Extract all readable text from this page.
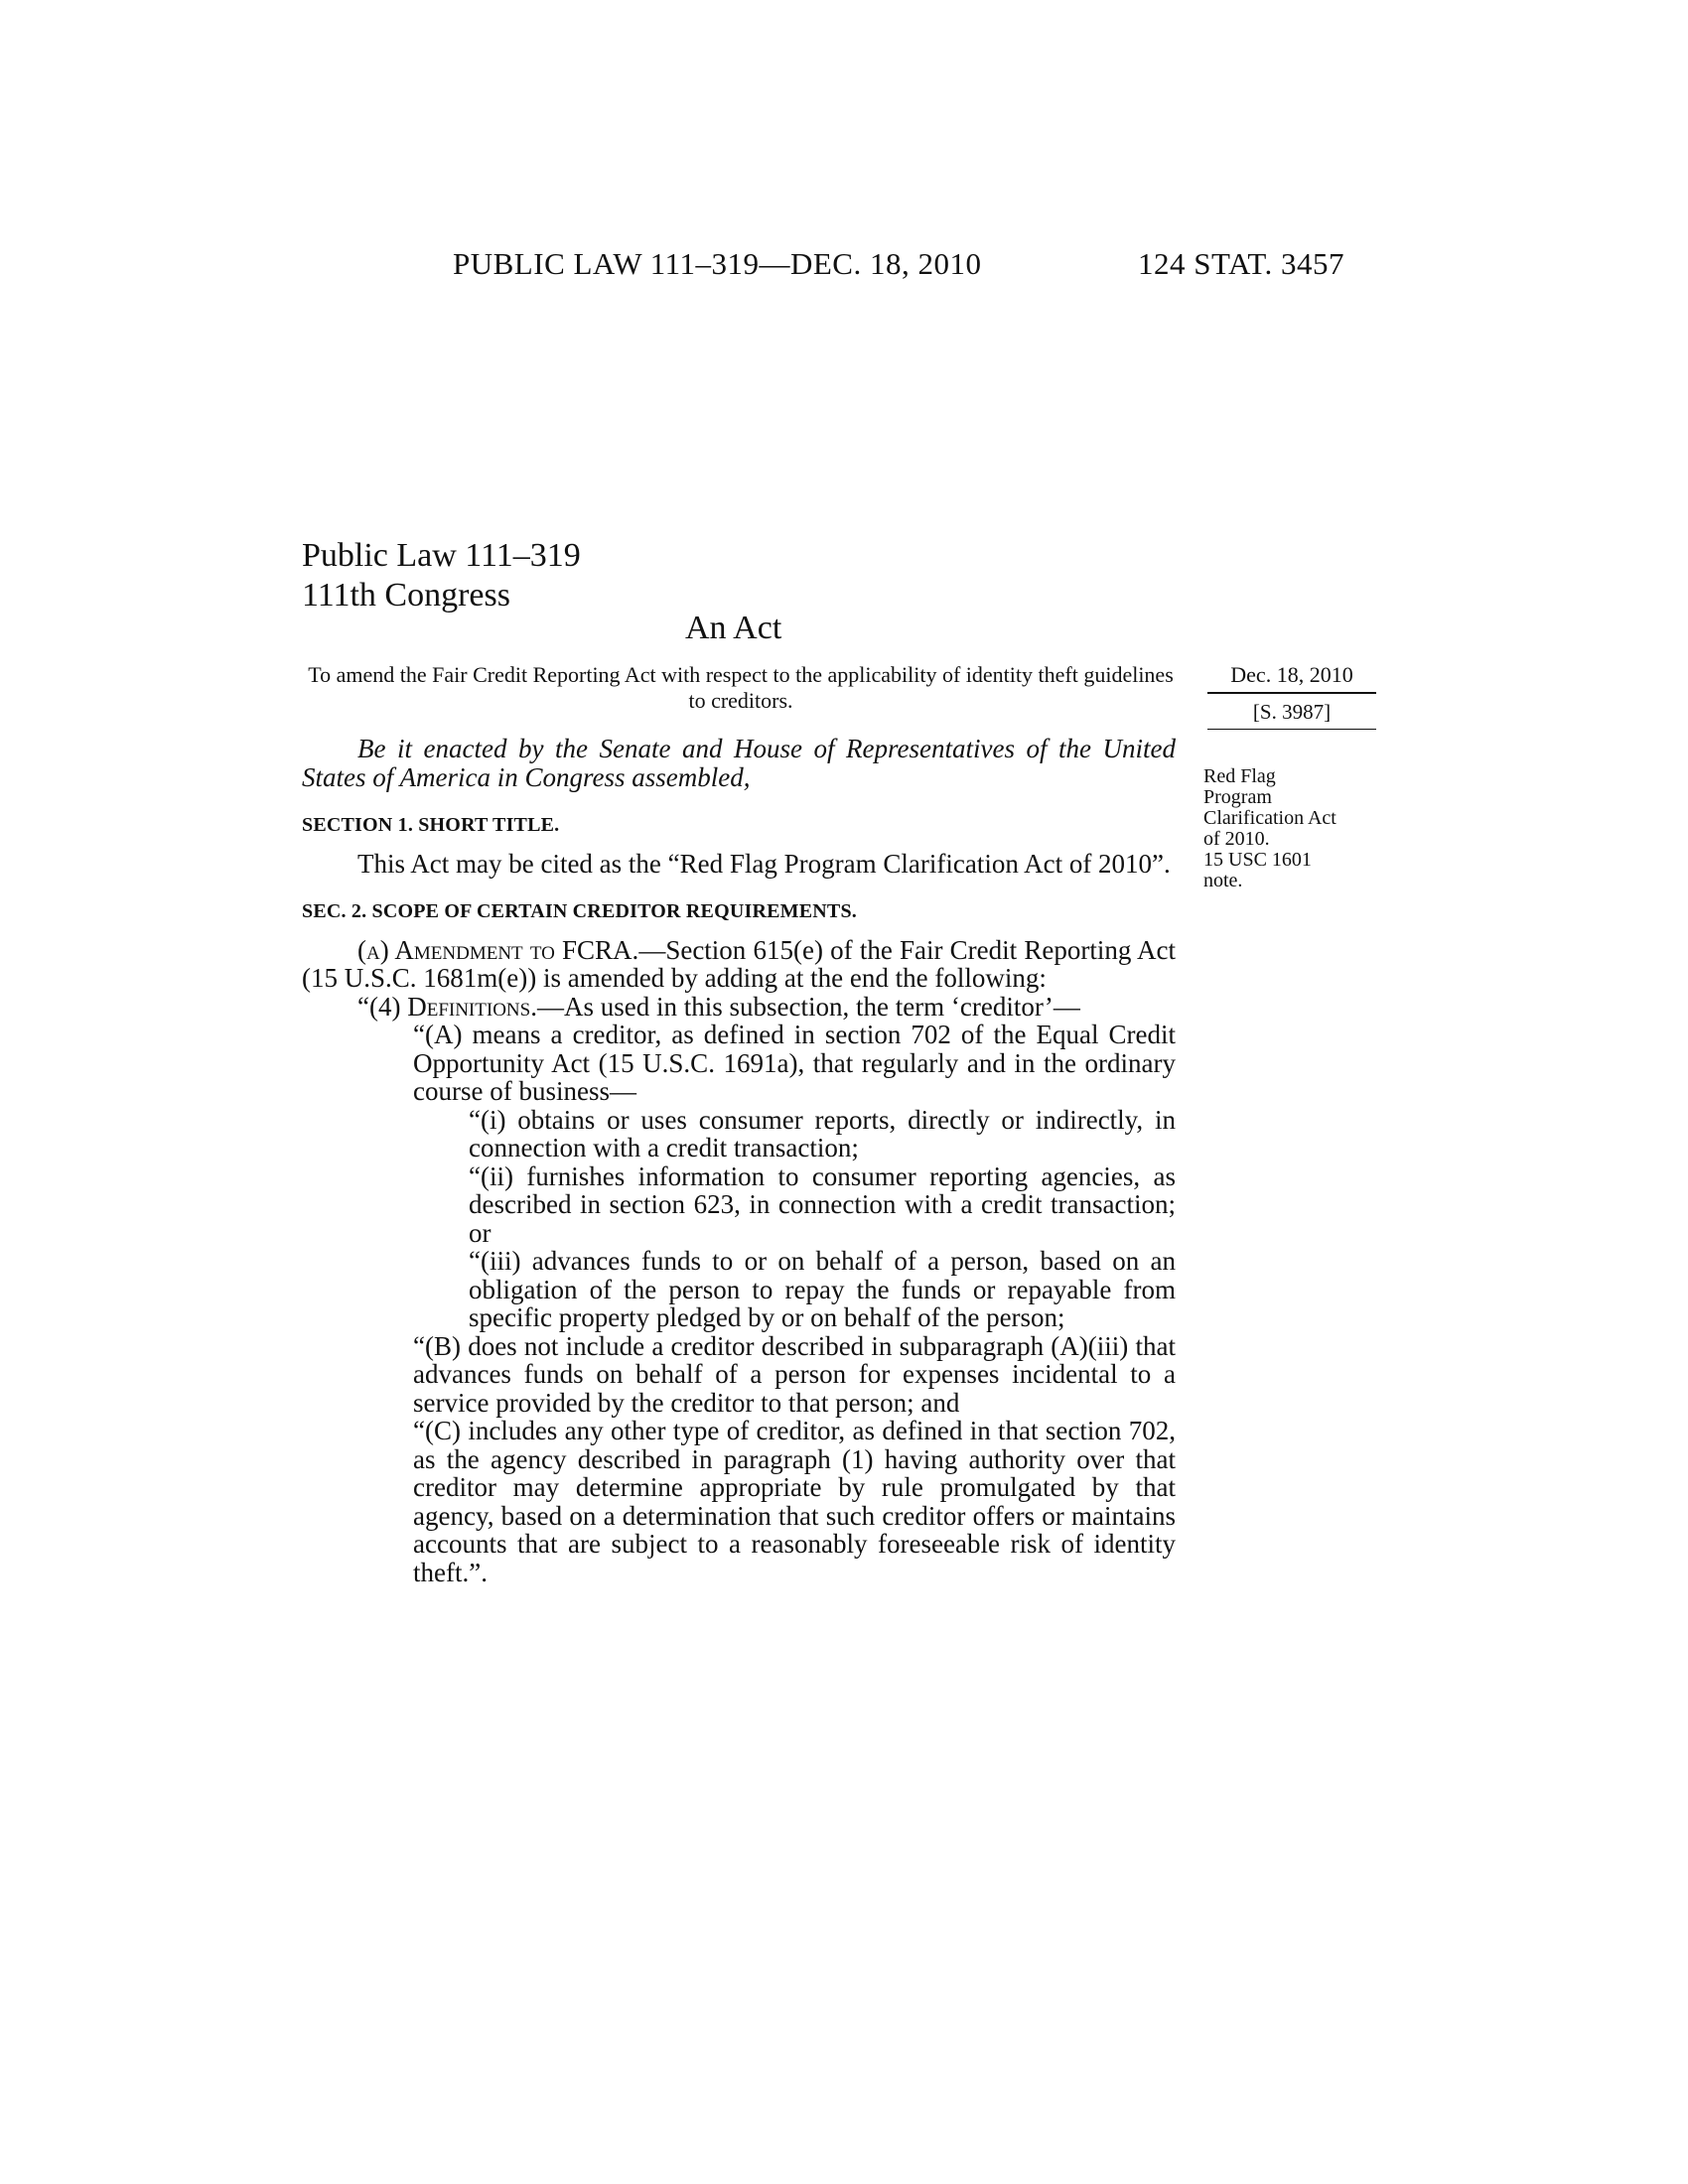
PUBLIC LAW 111–319—DEC. 18, 2010	124 STAT. 3457
Public Law 111–319
111th Congress
An Act
To amend the Fair Credit Reporting Act with respect to the applicability of identity theft guidelines to creditors.
Dec. 18, 2010
[S. 3987]

Be it enacted by the Senate and House of Representatives of the United States of America in Congress assembled,

SECTION 1. SHORT TITLE.

This Act may be cited as the “Red Flag Program Clarification Act of 2010”.

SEC. 2. SCOPE OF CERTAIN CREDITOR REQUIREMENTS.

(a) Amendment to FCRA.—Section 615(e) of the Fair Credit Reporting Act (15 U.S.C. 1681m(e)) is amended by adding at the end the following:

“(4) Definitions.—As used in this subsection, the term ‘creditor’—

“(A) means a creditor, as defined in section 702 of the Equal Credit Opportunity Act (15 U.S.C. 1691a), that regularly and in the ordinary course of business—

“(i) obtains or uses consumer reports, directly or indirectly, in connection with a credit transaction;

“(ii) furnishes information to consumer reporting agencies, as described in section 623, in connection with a credit transaction; or

“(iii) advances funds to or on behalf of a person, based on an obligation of the person to repay the funds or repayable from specific property pledged by or on behalf of the person;

“(B) does not include a creditor described in subparagraph (A)(iii) that advances funds on behalf of a person for expenses incidental to a service provided by the creditor to that person; and

“(C) includes any other type of creditor, as defined in that section 702, as the agency described in paragraph (1) having authority over that creditor may determine appropriate by rule promulgated by that agency, based on a determination that such creditor offers or maintains accounts that are subject to a reasonably foreseeable risk of identity theft.”.

Red Flag
Program
Clarification Act
of 2010.
15 USC 1601
note.
